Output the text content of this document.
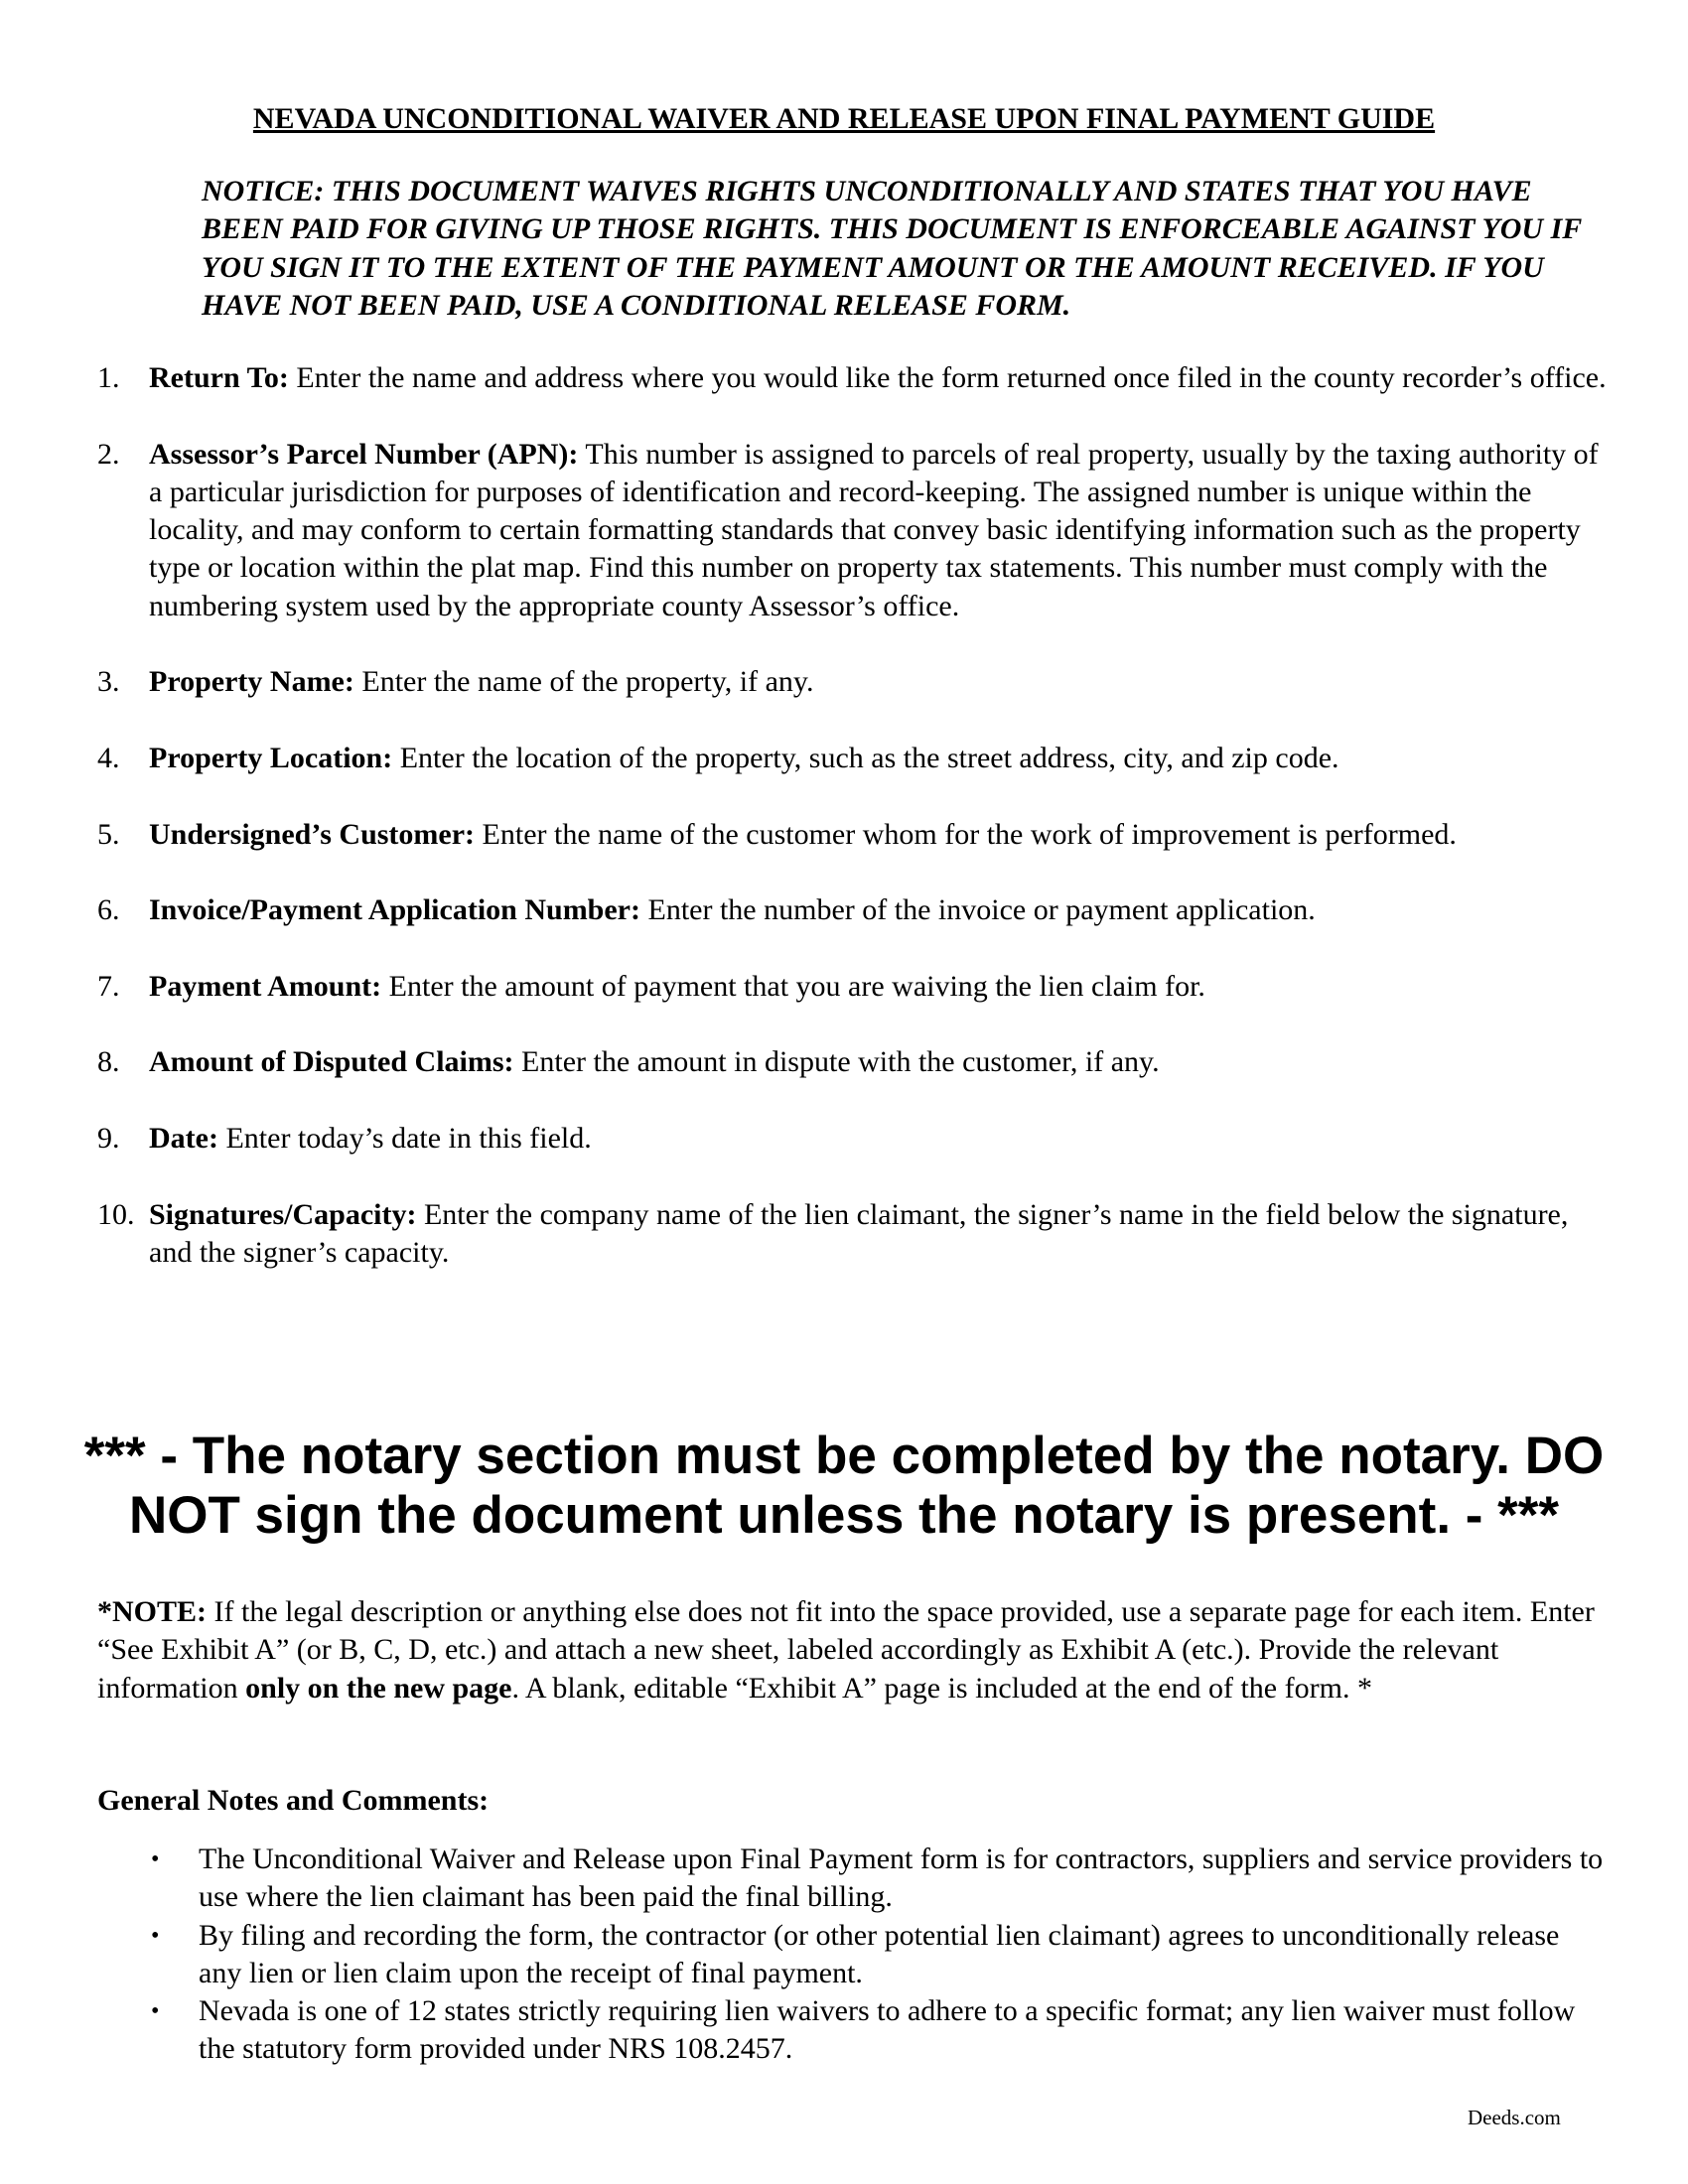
NEVADA UNCONDITIONAL WAIVER AND RELEASE UPON FINAL PAYMENT GUIDE

NOTICE: THIS DOCUMENT WAIVES RIGHTS UNCONDITIONALLY AND STATES THAT YOU HAVE BEEN PAID FOR GIVING UP THOSE RIGHTS. THIS DOCUMENT IS ENFORCEABLE AGAINST YOU IF YOU SIGN IT TO THE EXTENT OF THE PAYMENT AMOUNT OR THE AMOUNT RECEIVED. IF YOU HAVE NOT BEEN PAID, USE A CONDITIONAL RELEASE FORM.

1. Return To: Enter the name and address where you would like the form returned once filed in the county recorder’s office.
2. Assessor’s Parcel Number (APN): This number is assigned to parcels of real property, usually by the taxing authority of a particular jurisdiction for purposes of identification and record-keeping. The assigned number is unique within the locality, and may conform to certain formatting standards that convey basic identifying information such as the property type or location within the plat map. Find this number on property tax statements. This number must comply with the numbering system used by the appropriate county Assessor’s office.
3. Property Name: Enter the name of the property, if any.
4. Property Location: Enter the location of the property, such as the street address, city, and zip code.
5. Undersigned’s Customer: Enter the name of the customer whom for the work of improvement is performed.
6. Invoice/Payment Application Number: Enter the number of the invoice or payment application.
7. Payment Amount: Enter the amount of payment that you are waiving the lien claim for.
8. Amount of Disputed Claims: Enter the amount in dispute with the customer, if any.
9. Date: Enter today’s date in this field.
10. Signatures/Capacity: Enter the company name of the lien claimant, the signer’s name in the field below the signature, and the signer’s capacity.
*** - The notary section must be completed by the notary. DO
NOT sign the document unless the notary is present. - ***

*NOTE: If the legal description or anything else does not fit into the space provided, use a separate page for each item. Enter “See Exhibit A” (or B, C, D, etc.) and attach a new sheet, labeled accordingly as Exhibit A (etc.). Provide the relevant information only on the new page. A blank, editable “Exhibit A” page is included at the end of the form. *

General Notes and Comments:

• The Unconditional Waiver and Release upon Final Payment form is for contractors, suppliers and service providers to use where the lien claimant has been paid the final billing.
• By filing and recording the form, the contractor (or other potential lien claimant) agrees to unconditionally release any lien or lien claim upon the receipt of final payment.
• Nevada is one of 12 states strictly requiring lien waivers to adhere to a specific format; any lien waiver must follow the statutory form provided under NRS 108.2457.

Deeds.com
